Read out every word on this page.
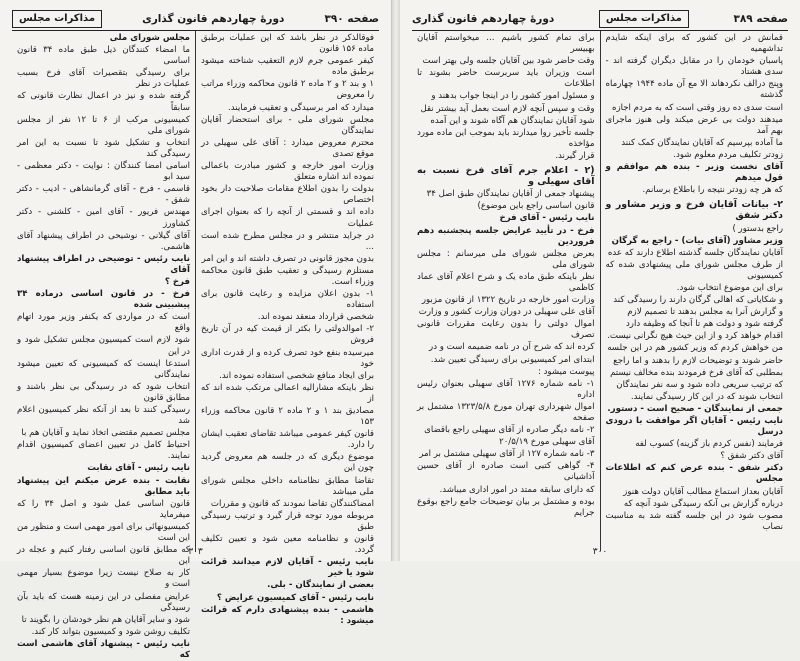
صفحه ۳۹۰
دورهٔ چهاردهم قانون گذاری
مذاکرات مجلس

فوقالذکر در نظر باشد که این عملیات برطبق ماده ۱۵۶ قانون

کیفر عمومی جرم لازم التعقیب شناخته میشود برطبق ماده

۱ و بند ۲ و ۲ ماده ۲ قانون محاکمه وزراء مراتب را معروض

میدارد که امر برسیدگی و تعقیب فرمایند.

مجلس شورای ملی - برای استحضار آقایان نمایندگان

محترم معروض میدارد : آقای علی سهیلی در موقع تصدی

وزارت امور خارجه و کشور مبادرت باعمالی نموده اند اشاره متعلق

بدولت را بدون اطلاع مقامات صلاحیت دار بخود اختصاص

داده اند و قسمتی از آنچه را که بعنوان اجرای عملیات

در جراید منتشر و در مجلس مطرح شده است ...

بدون مجوز قانونی در تصرف داشته اند و این امر

مستلزم رسیدگی و تعقیب طبق قانون محاکمه وزراء است.

۱- بدون اعلان مزایده و رعایت قانون برای استفاده

شخصی قرارداد منعقد نموده اند.

۲- اموالدولتی را بکثر از قیمت کیه در آن تاریخ فروش

میرسیده بنفع خود تصرف کرده و از قدرت اداری خود

برای ایجاد منافع شخصی استفاده نموده اند.

نظر باینکه مشارالیه اعمالی مرتکب شده اند که از

مصادیق بند ۱ و ۲ ماده ۲ قانون محاکمه وزراء ۱۵۳

قانون کیفر عمومی میباشد تقاضای تعقیب ایشان را دارد.

موضوع دیگری که در جلسه هم معروض گردید چون این

تقاضا مطابق نظامنامه داخلی مجلس شورای ملی میباشد

امضاکنندگان تقاضا نمودند که قانون و مقررات

مربوطه مورد توجه قرار گیرد و ترتیب رسیدگی طبق

قانون و نظامنامه معین شود و تعیین تکلیف گردد.

نایب رئیس - آقایان لازم میدانند قرائت شود یا خیر

بعضی از نمایندگان - بلی.

نایب رئیس - آقای کمیسیون عرایض ؟

هاشمی - بنده پیشنهادی دارم که قرائت میشود :

مجلس شورای ملی

ما امضاء کنندگان ذیل طبق ماده ۳۴ قانون اساسی

برای رسیدگی بتقصیرات آقای فرخ بسبب عملیات در نظر

گرفته شده و نیز در اعمال نظارت قانونی که سابقاً

کمیسیونی مرکب از ۶ تا ۱۲ نفر از مجلس شورای ملی

انتخاب و تشکیل شود تا نسبت به این امر رسیدگی کند

اسامی امضا کنندگان : نوایت - دکتر معظمی - سید ابو

قاسمی - فرخ - آقای گرمانشاهی - ادیب - دکتر شفق -

مهندس فریور - آقای امین - کلشنی - دکتر کشاورز

آقای گیلانی - نوشیحی در اطراف پیشنهاد آقای هاشمی.

نایب رئیس - توضیحی در اطراف پیشنهاد آقای

فرخ ؟

فرخ - در قانون اساسی درماده ۳۴ پیشبینی شده

است که در مواردی که یکنفر وزیر مورد اتهام واقع

شود لازم است کمیسیون مجلس تشکیل شود و در این

استدعا اینست که کمیسیونی که تعیین میشود نمایندگانی

انتخاب شود که در رسیدگی بی نظر باشند و مطابق قانون

رسیدگی کنند تا بعد از آنکه نظر کمیسیون اعلام شد

مجلس تصمیم مقتضی اتخاذ نماید و آقایان هم با

احتیاط کامل در تعیین اعضای کمیسیون اقدام نمایند.

نایب رئیس - آقای نقابت

نقابت - بنده عرض میکنم این پیشنهاد باید مطابق

قانون اساسی عمل شود و اصل ۳۴ را که میفرماید

کمیسیونهائی برای امور مهمی است و منظور من این است

که مطابق قانون اساسی رفتار کنیم و عجله در این

کار به صلاح نیست زیرا موضوع بسیار مهمی است و

عرایض مفصلی در این زمینه هست که باید بآن رسیدگی

شود و سایر آقایان هم نظر خودشان را بگویند تا

تکلیف روشن شود و کمیسیون بتواند کار کند.

نایب رئیس - پیشنهاد آقای هاشمی است که

۳۰۳
صفحه ۳۸۹
مذاکرات مجلس
دورهٔ چهاردهم قانون گذاری

قمانش در این کشور که برای اینکه شایدم تداشهمیه

پاسبان خودمان را در مقابل دیگران گرفته اند - سدی هشتاد

وپنج درالف نکردهاند الا مع آن ماده ۱۹۴۴ چهارماه گذشته

است سدی ده روز وقتی است که به مردم اجازه

میدهند دولت بی عرض میکند ولی هنوز ماجرای بهم آمد

ما آماده بپرسیم که آقایان نمایندگان کمک کنند

زودتر تکلیف مردم معلوم شود.

آقای نخست وزیر - بنده هم موافقم و قول میدهم

که هر چه زودتر نتیجه را باطلاع برسانم.

۲- بیانات آقایان فرخ و وزیر مشاور و دکتر شفق

راجع بدستور )

وزیر مشاور (آقای بیات) - راجع به گرگان

آقایان نمایندگان جلسه گذشته اطلاع دارند که عده

از طرف مجلس شورای ملی پیشنهادی شده که کمیسیونی

برای این موضوع انتخاب شود.

و شکایاتی که اهالی گرگان دارند را رسیدگی کند

و گزارش آنرا به مجلس بدهند تا تصمیم لازم

گرفته شود و دولت هم تا آنجا که وظیفه دارد

اقدام خواهد کرد و از این حیث هیچ نگرانی نیست.

من خواهش کردم که وزیر کشور هم در این جلسه

حاضر شوند و توضیحات لازم را بدهند و اما راجع

بمطلبی که آقای فرخ فرمودند بنده مخالف نیستم

که ترتیب سریعی داده شود و سه نفر نمایندگان

انتخاب شوند که در این کار رسیدگی نمایند.

جمعی از نمایندگان - صحیح است - دستور.

نایب رئیس - آقایان اگر موافقت با درودی درسل

فرمایند (نفس کردم باز گزینه) کسوب لفه

آقای دکتر شفق ؟

دکتر شفق - بنده عرض کنم که اطلاعات مجلس

آقایان بعداز استماع مطالب آقایان دولت هنوز

درباره گزارش بی آنکه رسیدگی شود آنچه که

مصوب شود در این جلسه گفته شد به مناسبت نصاب

برای تمام کشور باشیم ... میخواستم آقایان بهبیسر

وقت حاضر شود بین آقایان جلسه ولی بهتر است

است وزیران باید سربرست حاضر بشوند تا اطلاعات

و مسئول امور کشور را در اینجا جواب بدهند و

وقت و سپس آنچه لازم است بعمل آید بیشتر نقل

شود آقایان نمایندگان هم آگاه شوند و این آمده

جلسه تأخیر روا میدارند باید بموجب این ماده مورد مؤاخذه

قرار گیرند.

(۲ - اعلام جرم آقای فرخ نسبت به آقای سهیلی و

پیشنهاد جمعی از آقایان نمایندگان طبق اصل ۳۴

قانون اساسی راجع باین موضوع)

نایب رئیس - آقای فرخ

فرخ - در تأیید عرایض جلسه پنجشنبه دهم فروردین

بعرض مجلس شورای ملی میرسانم : مجلس شورای ملی

نظر باینکه طبق ماده یک و شرح اعلام آقای عماد کاظمی

وزارت امور خارجه در تاریخ ۱۳۲۲ از قانون مزبور

آقای علی سهیلی در دوران وزارت کشور و وزارت

اموال دولتی را بدون رعایت مقررات قانونی تصرف

کرده اند که شرح آن در نامه ضمیمه است و در

ابتدای امر کمیسیونی برای رسیدگی تعیین شد.

پیوست میشود :

۱- نامه شماره ۱۲۷۶ آقای سهیلی بعنوان رئیس اداره

اموال شهرداری تهران مورخ ۱۳۲۳/۵/۸ مشتمل بر صفحه

۲- نامه دیگر صادره از آقای سهیلی راجع باقضای

آقای سهیلی مورخ ۲۰/۵/۱۹

۳- نامه شماره ۱۲۷ از آقای سهیلی مشتمل بر امر

۴- گواهی کتبی است صادره از آقای حسین آذاشیانی

که دارای سابقه ممتد در امور اداری میباشد.

بوده و مشتمل بر بیان توضیحات جامع راجع بوقوع جرایم

۳۰۰
